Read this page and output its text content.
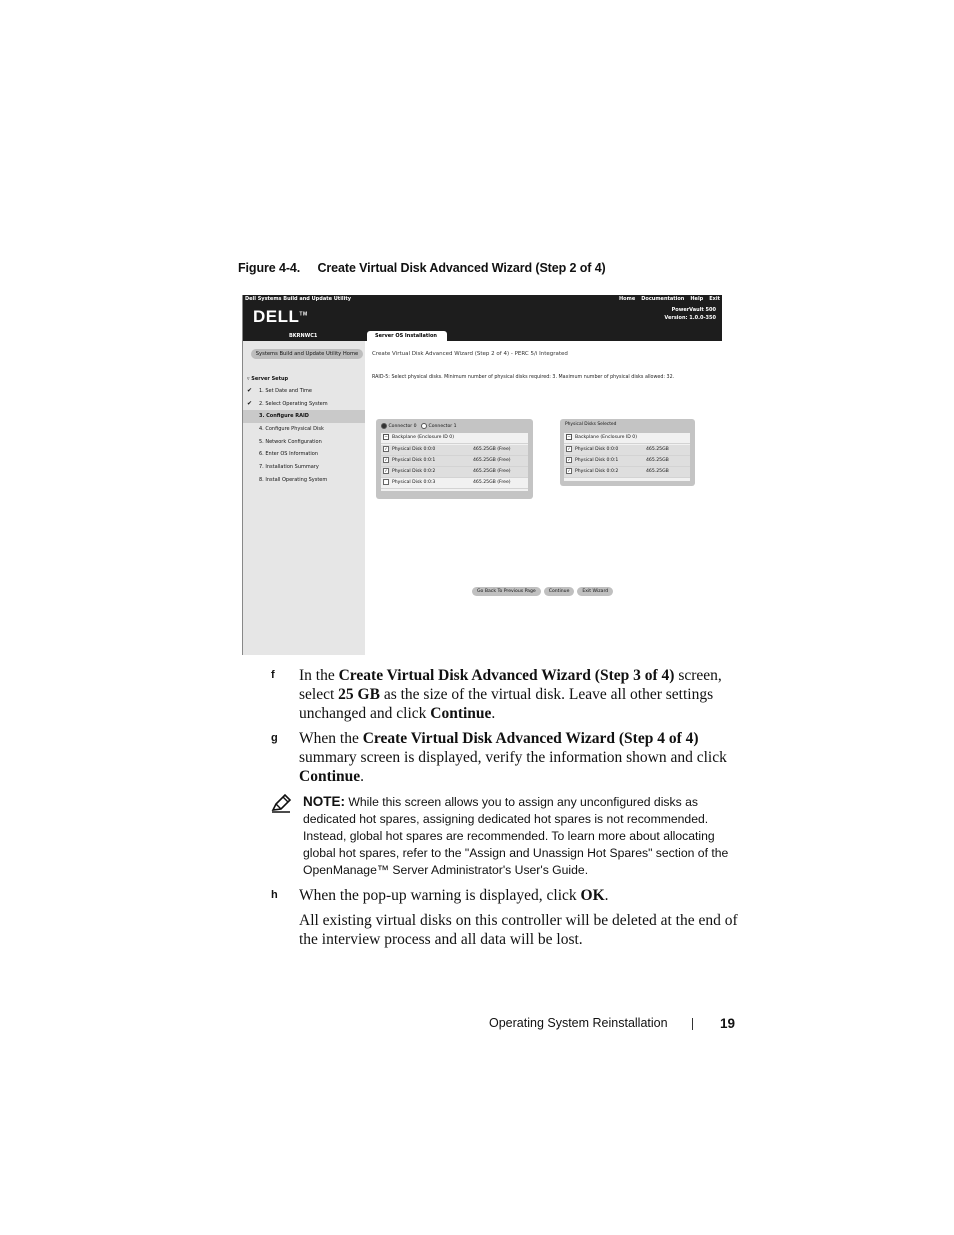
Figure 4-4. Create Virtual Disk Advanced Wizard (Step 2 of 4)
Dell Systems Build and Update Utility	Home Documentation Help Exit
DELL™
PowerVault 500
Version: 1.0.0-350
BKRNWC1	Server OS Installation
Systems Build and Update Utility Home
▿ Server Setup
✔ 1. Set Date and Time
✔ 2. Select Operating System
3. Configure RAID
4. Configure Physical Disk
5. Network Configuration
6. Enter OS Information
7. Installation Summary
8. Install Operating System
Create Virtual Disk Advanced Wizard (Step 2 of 4) - PERC 5/i Integrated
RAID-5: Select physical disks. Minimum number of physical disks required: 3. Maximum number of physical disks allowed: 32.
Connector 0	Connector 1
− Backplane (Enclosure ID 0)
✓ Physical Disk 0:0:0	465.25GB (Free)
✓ Physical Disk 0:0:1	465.25GB (Free)
✓ Physical Disk 0:0:2	465.25GB (Free)
Physical Disk 0:0:3	465.25GB (Free)
Physical Disks Selected
− Backplane (Enclosure ID 0)
✓ Physical Disk 0:0:0	465.25GB
✓ Physical Disk 0:0:1	465.25GB
✓ Physical Disk 0:0:2	465.25GB
Go Back To Previous Page	Continue	Exit Wizard
f In the Create Virtual Disk Advanced Wizard (Step 3 of 4) screen, select 25 GB as the size of the virtual disk. Leave all other settings unchanged and click Continue.
g When the Create Virtual Disk Advanced Wizard (Step 4 of 4) summary screen is displayed, verify the information shown and click Continue.
NOTE: While this screen allows you to assign any unconfigured disks as dedicated hot spares, assigning dedicated hot spares is not recommended. Instead, global hot spares are recommended. To learn more about allocating global hot spares, refer to the "Assign and Unassign Hot Spares" section of the OpenManage™ Server Administrator's User's Guide.
h When the pop-up warning is displayed, click OK.

All existing virtual disks on this controller will be deleted at the end of the interview process and all data will be lost.

Operating System Reinstallation	19
